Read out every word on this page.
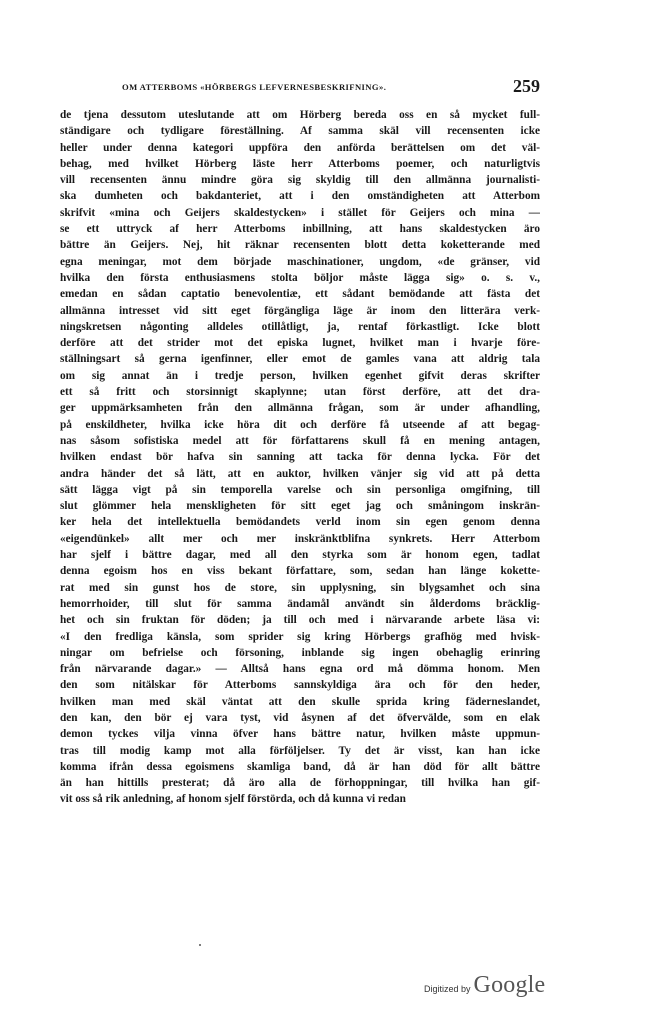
OM ATTERBOMS «HÖRBERGS LEFVERNESBESKRIFNING».	259
de tjena dessutom uteslutande att om Hörberg bereda oss en så mycket full-
ständigare och tydligare föreställning. Af samma skäl vill recensenten icke
heller under denna kategori uppföra den anförda berättelsen om det väl-
behag, med hvilket Hörberg läste herr Atterboms poemer, och naturligtvis
vill recensenten ännu mindre göra sig skyldig till den allmänna journalisti-
ska dumheten och bakdanteriet, att i den omständigheten att Atterbom
skrifvit «mina och Geijers skaldestycken» i stället för Geijers och mina —
se ett uttryck af herr Atterboms inbillning, att hans skaldestycken äro
bättre än Geijers. Nej, hit räknar recensenten blott detta koketterande med
egna meningar, mot dem började maschinationer, ungdom, «de gränser, vid
hvilka den första enthusiasmens stolta böljor måste lägga sig» o. s. v.,
emedan en sådan captatio benevolentiæ, ett sådant bemödande att fästa det
allmänna intresset vid sitt eget förgängliga läge är inom den litterära verk-
ningskretsen någonting alldeles otillåtligt, ja, rentaf förkastligt. Icke blott
derföre att det strider mot det episka lugnet, hvilket man i hvarje före-
ställningsart så gerna igenfinner, eller emot de gamles vana att aldrig tala
om sig annat än i tredje person, hvilken egenhet gifvit deras skrifter
ett så fritt och storsinnigt skaplynne; utan först derföre, att det dra-
ger uppmärksamheten från den allmänna frågan, som är under afhandling,
på enskildheter, hvilka icke höra dit och derföre få utseende af att begag-
nas såsom sofistiska medel att för författarens skull få en mening antagen,
hvilken endast bör hafva sin sanning att tacka för denna lycka. För det
andra händer det så lätt, att en auktor, hvilken vänjer sig vid att på detta
sätt lägga vigt på sin temporella varelse och sin personliga omgifning, till
slut glömmer hela menskligheten för sitt eget jag och småningom inskrän-
ker hela det intellektuella bemödandets verld inom sin egen genom denna
«eigendünkel» allt mer och mer inskränktblifna synkrets. Herr Atterbom
har sjelf i bättre dagar, med all den styrka som är honom egen, tadlat
denna egoism hos en viss bekant författare, som, sedan han länge kokette-
rat med sin gunst hos de store, sin upplysning, sin blygsamhet och sina
hemorrhoider, till slut för samma ändamål användt sin ålderdoms bräcklig-
het och sin fruktan för döden; ja till och med i närvarande arbete läsa vi:
«I den fredliga känsla, som sprider sig kring Hörbergs grafhög med hvisk-
ningar om befrielse och försoning, inblande sig ingen obehaglig erinring
från närvarande dagar.» — Alltså hans egna ord må dömma honom. Men
den som nitälskar för Atterboms sannskyldiga ära och för den heder,
hvilken man med skäl väntat att den skulle sprida kring fäderneslandet,
den kan, den bör ej vara tyst, vid åsynen af det öfvervälde, som en elak
demon tyckes vilja vinna öfver hans bättre natur, hvilken måste uppmun-
tras till modig kamp mot alla förföljelser. Ty det är visst, kan han icke
komma ifrån dessa egoismens skamliga band, då är han död för allt bättre
än han hittills presterat; då äro alla de förhoppningar, till hvilka han gif-
vit oss så rik anledning, af honom sjelf förstörda, och då kunna vi redan
Digitized by Google
